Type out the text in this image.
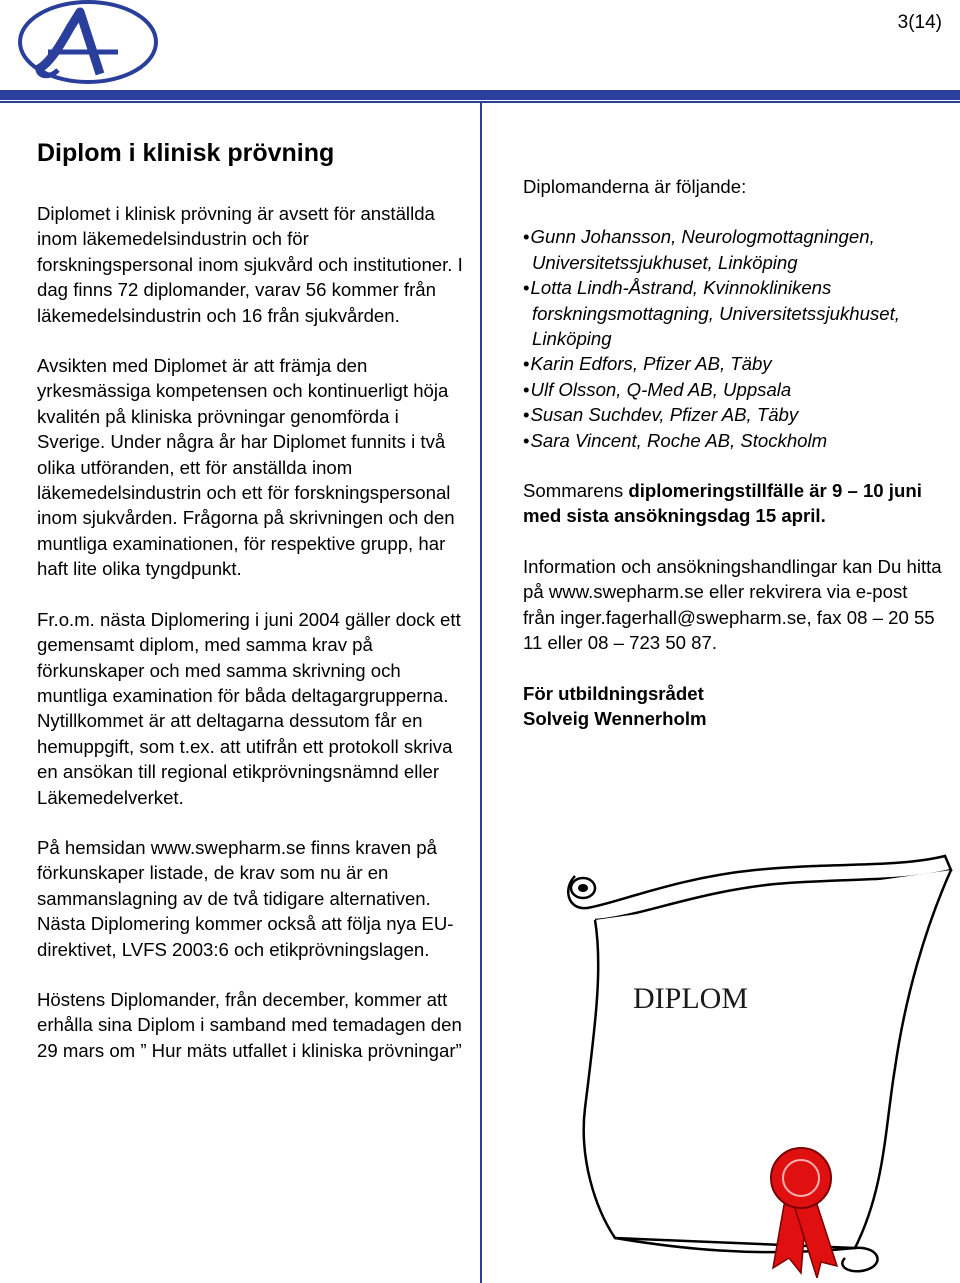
3(14)
Diplom i klinisk prövning

Diplomet i klinisk prövning är avsett för anställda inom läkemedelsindustrin och för forskningspersonal inom sjukvård och institutioner. I dag finns 72 diplomander, varav 56 kommer från läkemedelsindustrin och 16 från sjukvården.

Avsikten med Diplomet är att främja den yrkesmässiga kompetensen och kontinuerligt höja kvalitén på kliniska prövningar genomförda i Sverige. Under några år har Diplomet funnits i två olika utföranden, ett för anställda inom läkemedelsindustrin och ett för forskningspersonal inom sjukvården. Frågorna på skrivningen och den muntliga examinationen, för respektive grupp, har haft lite olika tyngdpunkt.

Fr.o.m. nästa Diplomering i juni 2004 gäller dock ett gemensamt diplom, med samma krav på förkunskaper och med samma skrivning och muntliga examination för båda deltagargrupperna. Nytillkommet är att deltagarna dessutom får en hemuppgift, som t.ex. att utifrån ett protokoll skriva en ansökan till regional etikprövningsnämnd eller Läkemedelverket.

På hemsidan www.swepharm.se finns kraven på förkunskaper listade, de krav som nu är en sammanslagning av de två tidigare alternativen. Nästa Diplomering kommer också att följa nya EU-direktivet, LVFS 2003:6 och etikprövningslagen.

Höstens Diplomander, från december, kommer att erhålla sina Diplom i samband med temadagen den 29 mars om ” Hur mäts utfallet i kliniska prövningar”

Diplomanderna är följande:

• Gunn Johansson, Neurologmottagningen, Universitetssjukhuset, Linköping
• Lotta Lindh-Åstrand, Kvinnoklinikens forskningsmottagning, Universitetssjukhuset, Linköping
• Karin Edfors, Pfizer AB, Täby
• Ulf Olsson, Q-Med AB, Uppsala
• Susan Suchdev, Pfizer AB, Täby
• Sara Vincent, Roche AB, Stockholm

Sommarens diplomeringstillfälle är 9 – 10 juni med sista ansökningsdag 15 april.

Information och ansökningshandlingar kan Du hitta på www.swepharm.se eller rekvirera via e-post från inger.fagerhall@swepharm.se, fax 08 – 20 55 11 eller 08 – 723 50 87.

För utbildningsrådet

Solveig Wennerholm

DIPLOM
